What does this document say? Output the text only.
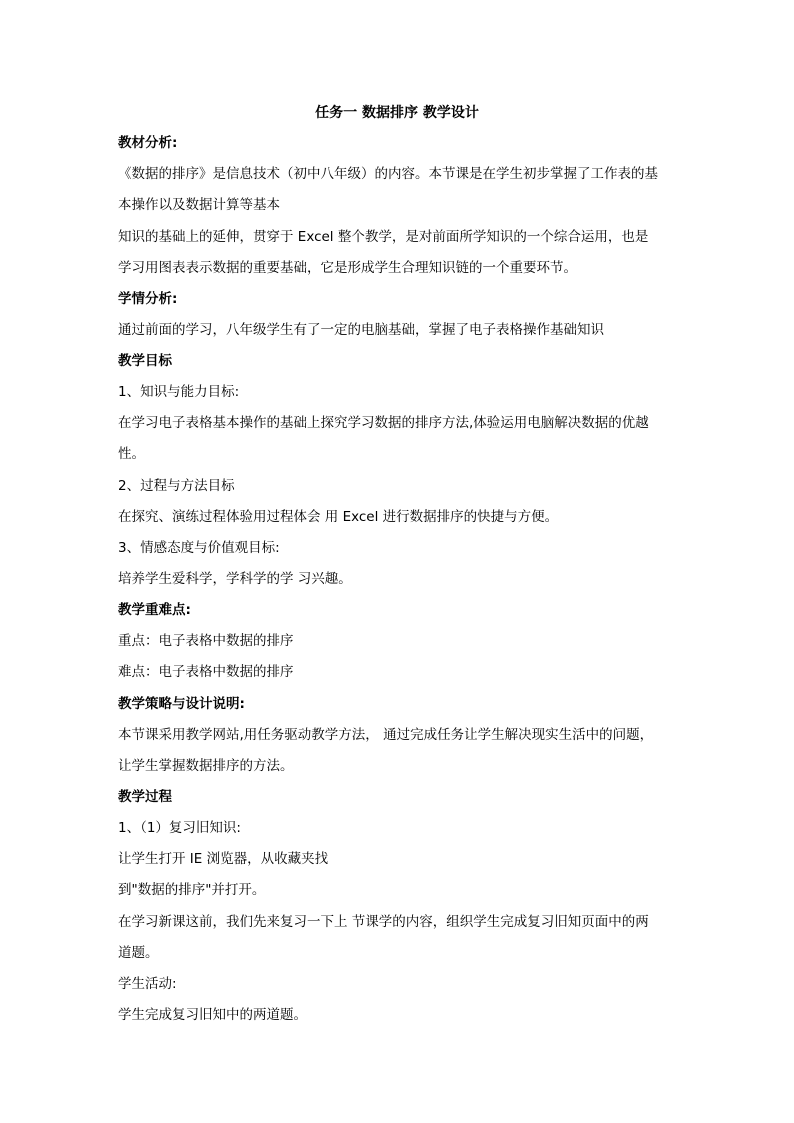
任务一 数据排序 教学设计
教材分析:
《数据的排序》是信息技术（初中八年级）的内容。本节课是在学生初步掌握了工作表的基
本操作以及数据计算等基本
知识的基础上的延伸，贯穿于 Excel 整个教学，是对前面所学知识的一个综合运用，也是
学习用图表表示数据的重要基础，它是形成学生合理知识链的一个重要环节。
学情分析:
通过前面的学习，八年级学生有了一定的电脑基础，掌握了电子表格操作基础知识
教学目标
1、知识与能力目标:
在学习电子表格基本操作的基础上探究学习数据的排序方法,体验运用电脑解决数据的优越
性。
2、过程与方法目标
在探究、演练过程体验用过程体会 用 Excel 进行数据排序的快捷与方便。
3、情感态度与价值观目标:
培养学生爱科学，学科学的学 习兴趣。
教学重难点:
重点：电子表格中数据的排序
难点：电子表格中数据的排序
教学策略与设计说明:
本节课采用教学网站,用任务驱动教学方法， 通过完成任务让学生解决现实生活中的问题，
让学生掌握数据排序的方法。
教学过程
1、（1）复习旧知识:
让学生打开 IE 浏览器，从收藏夹找
到"数据的排序"并打开。
在学习新课这前，我们先来复习一下上 节课学的内容，组织学生完成复习旧知页面中的两
道题。
学生活动:
学生完成复习旧知中的两道题。
